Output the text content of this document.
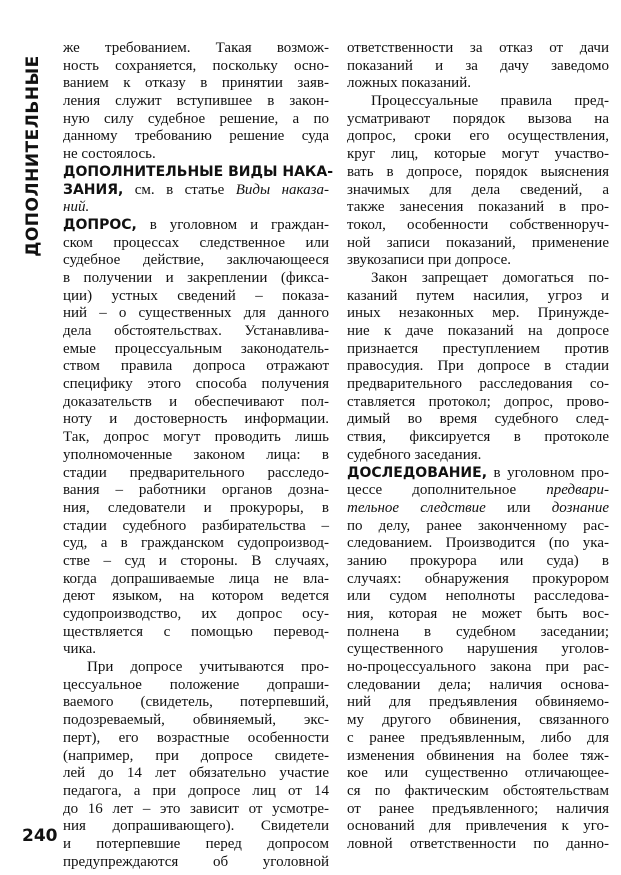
ДОПОЛНИТЕЛЬНЫЕ
же требованием. Такая возмож-
ность сохраняется, поскольку осно-
ванием к отказу в принятии заяв-
ления служит вступившее в закон-
ную силу судебное решение, а по
данному требованию решение суда
не состоялось.
ДОПОЛНИТЕЛЬНЫЕ ВИДЫ НАКА-
ЗАНИЯ, см. в статье Виды наказа-
ний.
ДОПРОС, в уголовном и граждан-
ском процессах следственное или
судебное действие, заключающееся
в получении и закреплении (фикса-
ции) устных сведений – показа-
ний – о существенных для данного
дела обстоятельствах. Устанавлива-
емые процессуальным законодатель-
ством правила допроса отражают
специфику этого способа получения
доказательств и обеспечивают пол-
ноту и достоверность информации.
Так, допрос могут проводить лишь
уполномоченные законом лица: в
стадии предварительного расследо-
вания – работники органов дозна-
ния, следователи и прокуроры, в
стадии судебного разбирательства –
суд, а в гражданском судопроизвод-
стве – суд и стороны. В случаях,
когда допрашиваемые лица не вла-
деют языком, на котором ведется
судопроизводство, их допрос осу-
ществляется с помощью перевод-
чика.
При допросе учитываются про-
цессуальное положение допраши-
ваемого (свидетель, потерпевший,
подозреваемый, обвиняемый, экс-
перт), его возрастные особенности
(например, при допросе свидете-
лей до 14 лет обязательно участие
педагога, а при допросе лиц от 14
до 16 лет – это зависит от усмотре-
ния допрашивающего). Свидетели
и потерпевшие перед допросом
предупреждаются об уголовной
ответственности за отказ от дачи
показаний и за дачу заведомо
ложных показаний.
Процессуальные правила пред-
усматривают порядок вызова на
допрос, сроки его осуществления,
круг лиц, которые могут участво-
вать в допросе, порядок выяснения
значимых для дела сведений, а
также занесения показаний в про-
токол, особенности собственноруч-
ной записи показаний, применение
звукозаписи при допросе.
Закон запрещает домогаться по-
казаний путем насилия, угроз и
иных незаконных мер. Принужде-
ние к даче показаний на допросе
признается преступлением против
правосудия. При допросе в стадии
предварительного расследования со-
ставляется протокол; допрос, прово-
димый во время судебного след-
ствия, фиксируется в протоколе
судебного заседания.
ДОСЛЕДОВАНИЕ, в уголовном про-
цессе дополнительное предвари-
тельное следствие или дознание
по делу, ранее законченному рас-
следованием. Производится (по ука-
занию прокурора или суда) в
случаях: обнаружения прокурором
или судом неполноты расследова-
ния, которая не может быть вос-
полнена в судебном заседании;
существенного нарушения уголов-
но-процессуального закона при рас-
следовании дела; наличия основа-
ний для предъявления обвиняемо-
му другого обвинения, связанного
с ранее предъявленным, либо для
изменения обвинения на более тяж-
кое или существенно отличающее-
ся по фактическим обстоятельствам
от ранее предъявленного; наличия
оснований для привлечения к уго-
ловной ответственности по данно-
240
